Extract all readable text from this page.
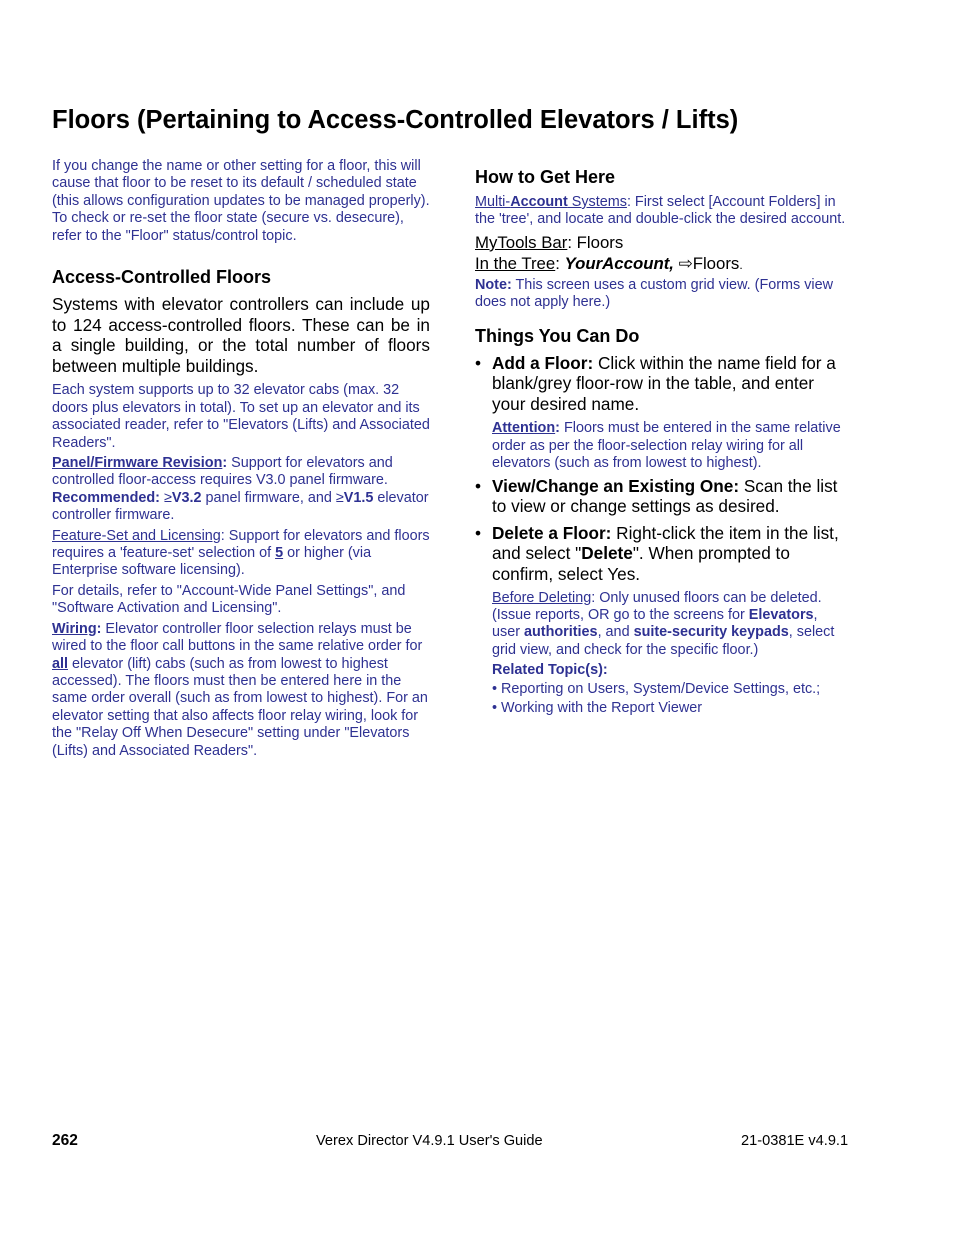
Floors (Pertaining to Access-Controlled Elevators / Lifts)

If you change the name or other setting for a floor, this will cause that floor to be reset to its default / scheduled state (this allows configuration updates to be managed properly). To check or re-set the floor state (secure vs. desecure), refer to the "Floor" status/control topic.

Access-Controlled Floors

Systems with elevator controllers can include up to 124 access-controlled floors. These can be in a single building, or the total number of floors between multiple buildings.

Each system supports up to 32 elevator cabs (max. 32 doors plus elevators in total). To set up an elevator and its associated reader, refer to "Elevators (Lifts) and Associated Readers".

Panel/Firmware Revision: Support for elevators and controlled floor-access requires V3.0 panel firmware.
Recommended: ≥V3.2 panel firmware, and ≥V1.5 elevator controller firmware.

Feature-Set and Licensing: Support for elevators and floors requires a 'feature-set' selection of 5 or higher (via Enterprise software licensing).

For details, refer to "Account-Wide Panel Settings", and "Software Activation and Licensing".

Wiring: Elevator controller floor selection relays must be wired to the floor call buttons in the same relative order for all elevator (lift) cabs (such as from lowest to highest accessed). The floors must then be entered here in the same order overall (such as from lowest to highest). For an elevator setting that also affects floor relay wiring, look for the "Relay Off When Desecure" setting under "Elevators (Lifts) and Associated Readers".

How to Get Here

Multi-Account Systems: First select [Account Folders] in the 'tree', and locate and double-click the desired account.

MyTools Bar: Floors

In the Tree: YourAccount, ⇨Floors.

Note: This screen uses a custom grid view. (Forms view does not apply here.)

Things You Can Do
• Add a Floor: Click within the name field for a blank/grey floor-row in the table, and enter your desired name.

Attention: Floors must be entered in the same relative order as per the floor-selection relay wiring for all elevators (such as from lowest to highest).

• View/Change an Existing One: Scan the list to view or change settings as desired.
• Delete a Floor: Right-click the item in the list, and select "Delete". When prompted to confirm, select Yes.

Before Deleting: Only unused floors can be deleted. (Issue reports, OR go to the screens for Elevators, user authorities, and suite-security keypads, select grid view, and check for the specific floor.)

Related Topic(s):

• Reporting on Users, System/Device Settings, etc.;
• Working with the Report Viewer
262	Verex Director V4.9.1 User's Guide	21-0381E v4.9.1
